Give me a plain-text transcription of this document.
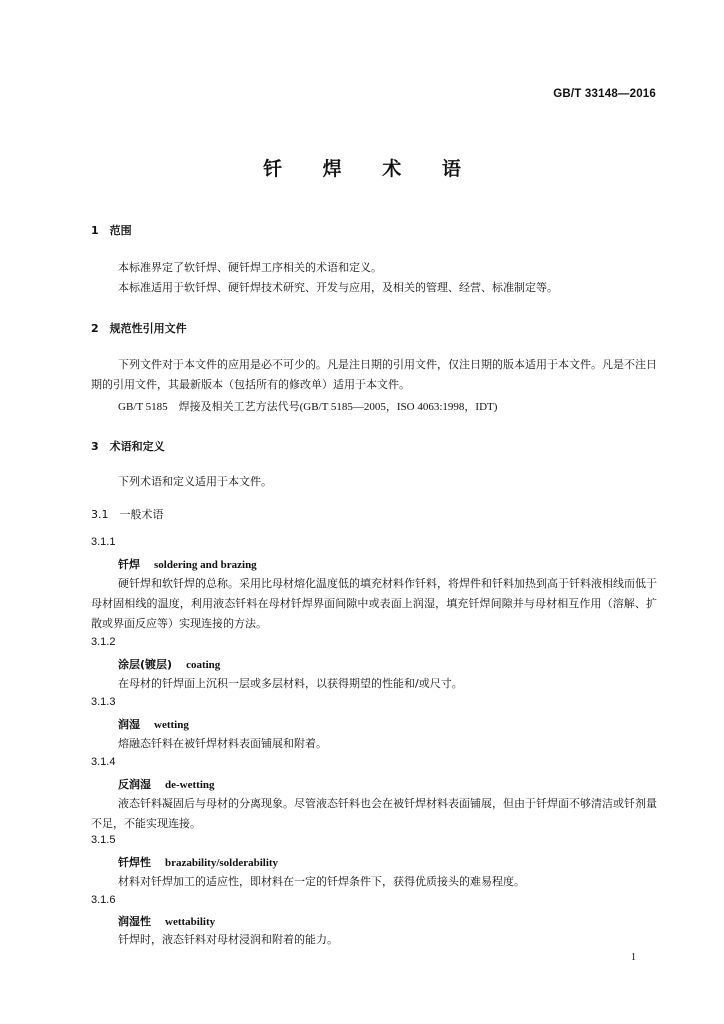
GB/T 33148—2016
钎 焊 术 语
1　范围
本标准界定了软钎焊、硬钎焊工序相关的术语和定义。
本标准适用于软钎焊、硬钎焊技术研究、开发与应用，及相关的管理、经营、标准制定等。
2　规范性引用文件
下列文件对于本文件的应用是必不可少的。凡是注日期的引用文件，仅注日期的版本适用于本文件。凡是不注日期的引用文件，其最新版本（包括所有的修改单）适用于本文件。
GB/T 5185　焊接及相关工艺方法代号(GB/T 5185—2005，ISO 4063:1998，IDT)
3　术语和定义
下列术语和定义适用于本文件。
3.1　一般术语
3.1.1
钎焊 soldering and brazing
硬钎焊和软钎焊的总称。采用比母材熔化温度低的填充材料作钎料，将焊件和钎料加热到高于钎料液相线而低于母材固相线的温度，利用液态钎料在母材钎焊界面间隙中或表面上润湿，填充钎焊间隙并与母材相互作用（溶解、扩散或界面反应等）实现连接的方法。
3.1.2
涂层(镀层) coating
在母材的钎焊面上沉积一层或多层材料，以获得期望的性能和/或尺寸。
3.1.3
润湿 wetting
熔融态钎料在被钎焊材料表面铺展和附着。
3.1.4
反润湿 de-wetting
液态钎料凝固后与母材的分离现象。尽管液态钎料也会在被钎焊材料表面铺展，但由于钎焊面不够清洁或钎剂量不足，不能实现连接。
3.1.5
钎焊性 brazability/solderability
材料对钎焊加工的适应性，即材料在一定的钎焊条件下，获得优质接头的难易程度。
3.1.6
润湿性 wettability
钎焊时，液态钎料对母材浸润和附着的能力。
1
